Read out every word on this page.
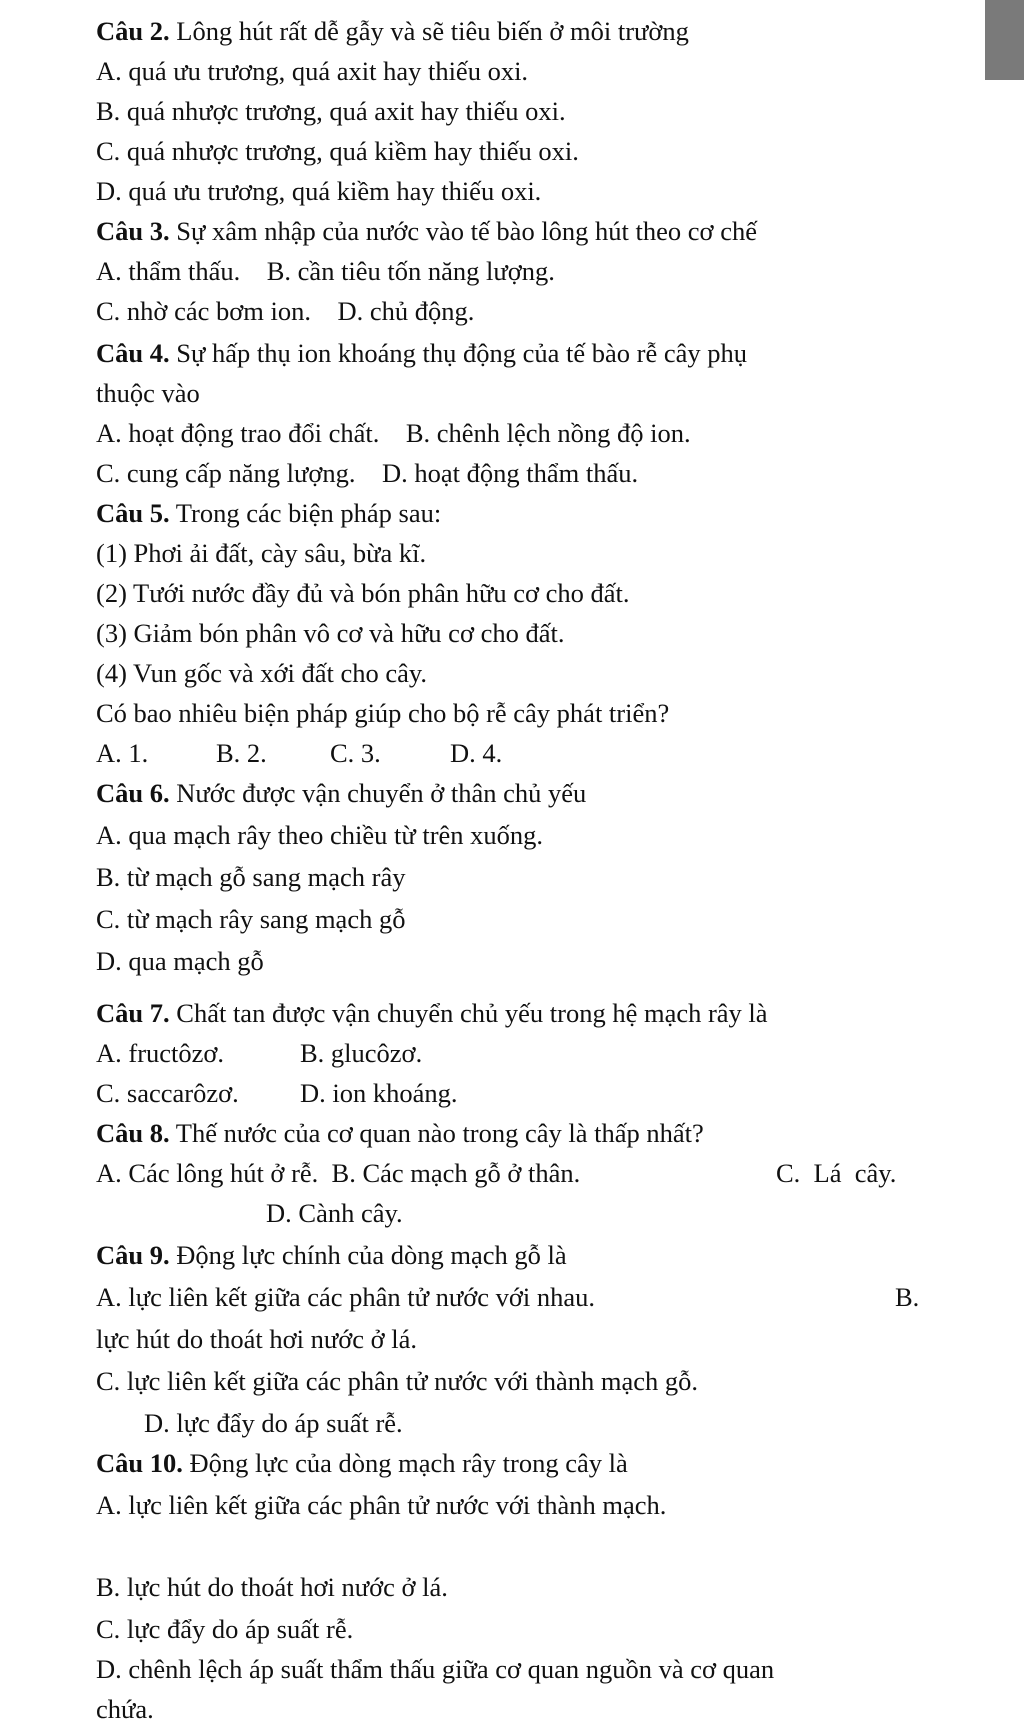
Câu 2. Lông hút rất dễ gẫy và sẽ tiêu biến ở môi trường
A. quá ưu trương, quá axit hay thiếu oxi.
B. quá nhược trương, quá axit hay thiếu oxi.
C. quá nhược trương, quá kiềm hay thiếu oxi.
D. quá ưu trương, quá kiềm hay thiếu oxi.
Câu 3. Sự xâm nhập của nước vào tế bào lông hút theo cơ chế
A. thẩm thấu.    B. cần tiêu tốn năng lượng.
C. nhờ các bơm ion.    D. chủ động.
Câu 4. Sự hấp thụ ion khoáng thụ động của tế bào rễ cây phụ
thuộc vào
A. hoạt động trao đổi chất.    B. chênh lệch nồng độ ion.
C. cung cấp năng lượng.    D. hoạt động thẩm thấu.
Câu 5. Trong các biện pháp sau:
(1) Phơi ải đất, cày sâu, bừa kĩ.
(2) Tưới nước đầy đủ và bón phân hữu cơ cho đất.
(3) Giảm bón phân vô cơ và hữu cơ cho đất.
(4) Vun gốc và xới đất cho cây.
Có bao nhiêu biện pháp giúp cho bộ rễ cây phát triển?
A. 1.	B. 2. C. 3.	D. 4.
Câu 6. Nước được vận chuyển ở thân chủ yếu
A. qua mạch rây theo chiều từ trên xuống.
B. từ mạch gỗ sang mạch rây
C. từ mạch rây sang mạch gỗ
D. qua mạch gỗ
Câu 7. Chất tan được vận chuyển chủ yếu trong hệ mạch rây là
A. fructôzơ.	B. glucôzơ.
C. saccarôzơ. D. ion khoáng.
Câu 8. Thế nước của cơ quan nào trong cây là thấp nhất?
A. Các lông hút ở rễ.  B. Các mạch gỗ ở thân.	C.  Lá  cây.
D. Cành cây.
Câu 9. Động lực chính của dòng mạch gỗ là
A. lực liên kết giữa các phân tử nước với nhau.	B.
lực hút do thoát hơi nước ở lá.
C. lực liên kết giữa các phân tử nước với thành mạch gỗ.
D. lực đẩy do áp suất rễ.
Câu 10. Động lực của dòng mạch rây trong cây là
A. lực liên kết giữa các phân tử nước với thành mạch.
B. lực hút do thoát hơi nước ở lá.
C. lực đẩy do áp suất rễ.
D. chênh lệch áp suất thẩm thấu giữa cơ quan nguồn và cơ quan
chứa.
